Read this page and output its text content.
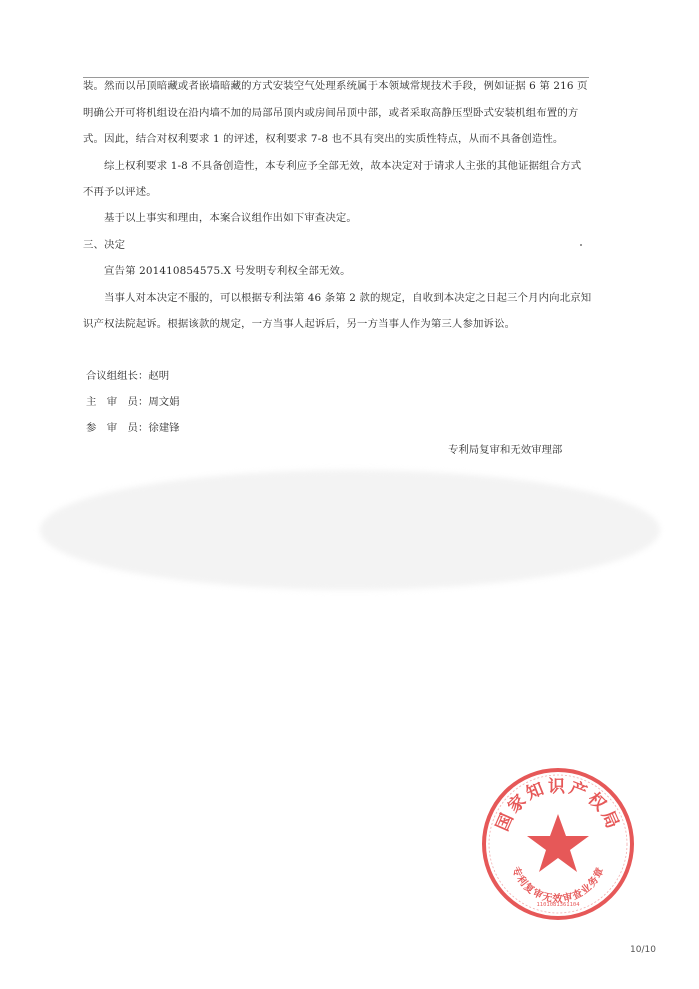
装。然而以吊顶暗藏或者嵌墙暗藏的方式安装空气处理系统属于本领域常规技术手段，例如证据 6 第 216 页

明确公开可将机组设在沿内墙不加的局部吊顶内或房间吊顶中部，或者采取高静压型卧式安装机组布置的方

式。因此，结合对权利要求 1 的评述，权利要求 7-8 也不具有突出的实质性特点，从而不具备创造性。

综上权利要求 1-8 不具备创造性，本专利应予全部无效，故本决定对于请求人主张的其他证据组合方式

不再予以评述。

基于以上事实和理由，本案合议组作出如下审查决定。

三、决定

宣告第 201410854575.X 号发明专利权全部无效。

当事人对本决定不服的，可以根据专利法第 46 条第 2 款的规定，自收到本决定之日起三个月内向北京知

识产权法院起诉。根据该款的规定，一方当事人起诉后，另一方当事人作为第三人参加诉讼。

合议组组长：赵明
主　审　员：周文娟
参　审　员：徐建锋
专利局复审和无效审理部
国家知识产权局
专利复审无效审查业务章
1101081361104
10/10
